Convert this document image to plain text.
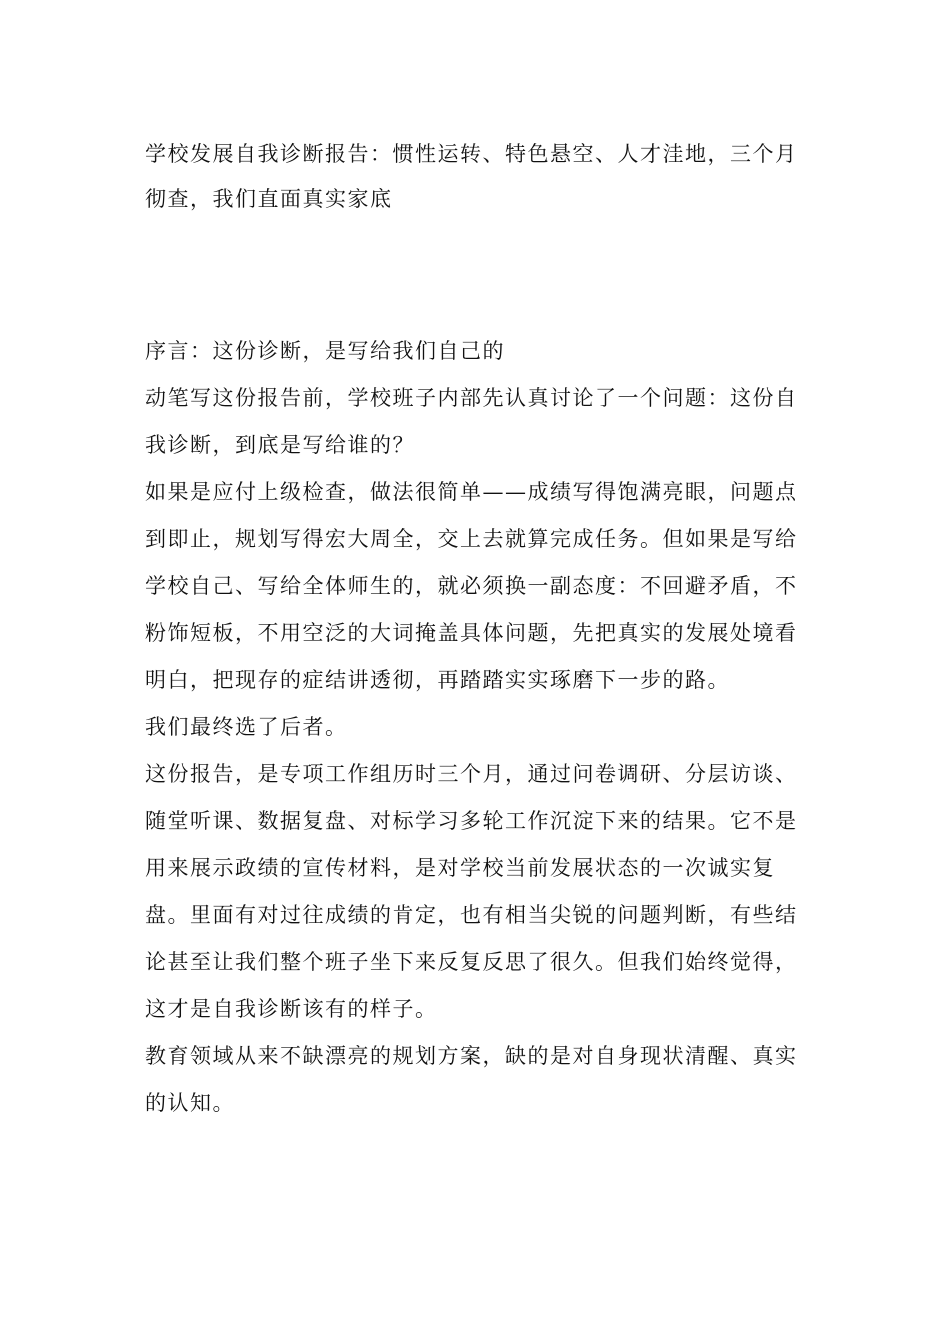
学校发展自我诊断报告：惯性运转、特色悬空、人才洼地，三个月彻查，我们直面真实家底

序言：这份诊断，是写给我们自己的

动笔写这份报告前，学校班子内部先认真讨论了一个问题：这份自我诊断，到底是写给谁的？

如果是应付上级检查，做法很简单——成绩写得饱满亮眼，问题点到即止，规划写得宏大周全，交上去就算完成任务。但如果是写给学校自己、写给全体师生的，就必须换一副态度：不回避矛盾，不粉饰短板，不用空泛的大词掩盖具体问题，先把真实的发展处境看明白，把现存的症结讲透彻，再踏踏实实琢磨下一步的路。

我们最终选了后者。

这份报告，是专项工作组历时三个月，通过问卷调研、分层访谈、随堂听课、数据复盘、对标学习多轮工作沉淀下来的结果。它不是用来展示政绩的宣传材料，是对学校当前发展状态的一次诚实复盘。里面有对过往成绩的肯定，也有相当尖锐的问题判断，有些结论甚至让我们整个班子坐下来反复反思了很久。但我们始终觉得，这才是自我诊断该有的样子。

教育领域从来不缺漂亮的规划方案，缺的是对自身现状清醒、真实的认知。
